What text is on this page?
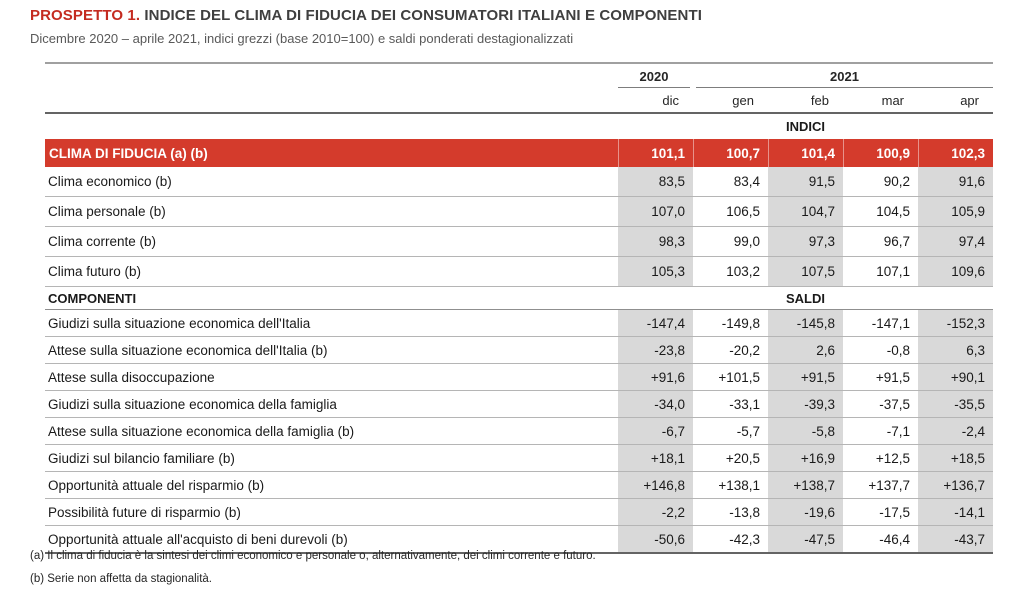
PROSPETTO 1. INDICE DEL CLIMA DI FIDUCIA DEI CONSUMATORI ITALIANI E COMPONENTI
Dicembre 2020 – aprile 2021, indici grezzi (base 2010=100) e saldi ponderati destagionalizzati
2020	2021
dic	gen	feb	mar	apr
INDICI
CLIMA DI FIDUCIA (a) (b)	101,1	100,7	101,4	100,9	102,3
Clima economico (b)	83,5	83,4	91,5	90,2	91,6
Clima personale (b)	107,0	106,5	104,7	104,5	105,9
Clima corrente (b)	98,3	99,0	97,3	96,7	97,4
Clima futuro (b)	105,3	103,2	107,5	107,1	109,6
COMPONENTI	SALDI
Giudizi sulla situazione economica dell'Italia	-147,4	-149,8	-145,8	-147,1	-152,3
Attese sulla situazione economica dell'Italia (b)	-23,8	-20,2	2,6	-0,8	6,3
Attese sulla disoccupazione	+91,6	+101,5	+91,5	+91,5	+90,1
Giudizi sulla situazione economica della famiglia	-34,0	-33,1	-39,3	-37,5	-35,5
Attese sulla situazione economica della famiglia (b)	-6,7	-5,7	-5,8	-7,1	-2,4
Giudizi sul bilancio familiare (b)	+18,1	+20,5	+16,9	+12,5	+18,5
Opportunità attuale del risparmio (b)	+146,8	+138,1	+138,7	+137,7	+136,7
Possibilità future di risparmio (b)	-2,2	-13,8	-19,6	-17,5	-14,1
Opportunità attuale all'acquisto di beni durevoli (b)	-50,6	-42,3	-47,5	-46,4	-43,7
(a) Il clima di fiducia è la sintesi dei climi economico e personale o, alternativamente, dei climi corrente e futuro.
(b) Serie non affetta da stagionalità.
